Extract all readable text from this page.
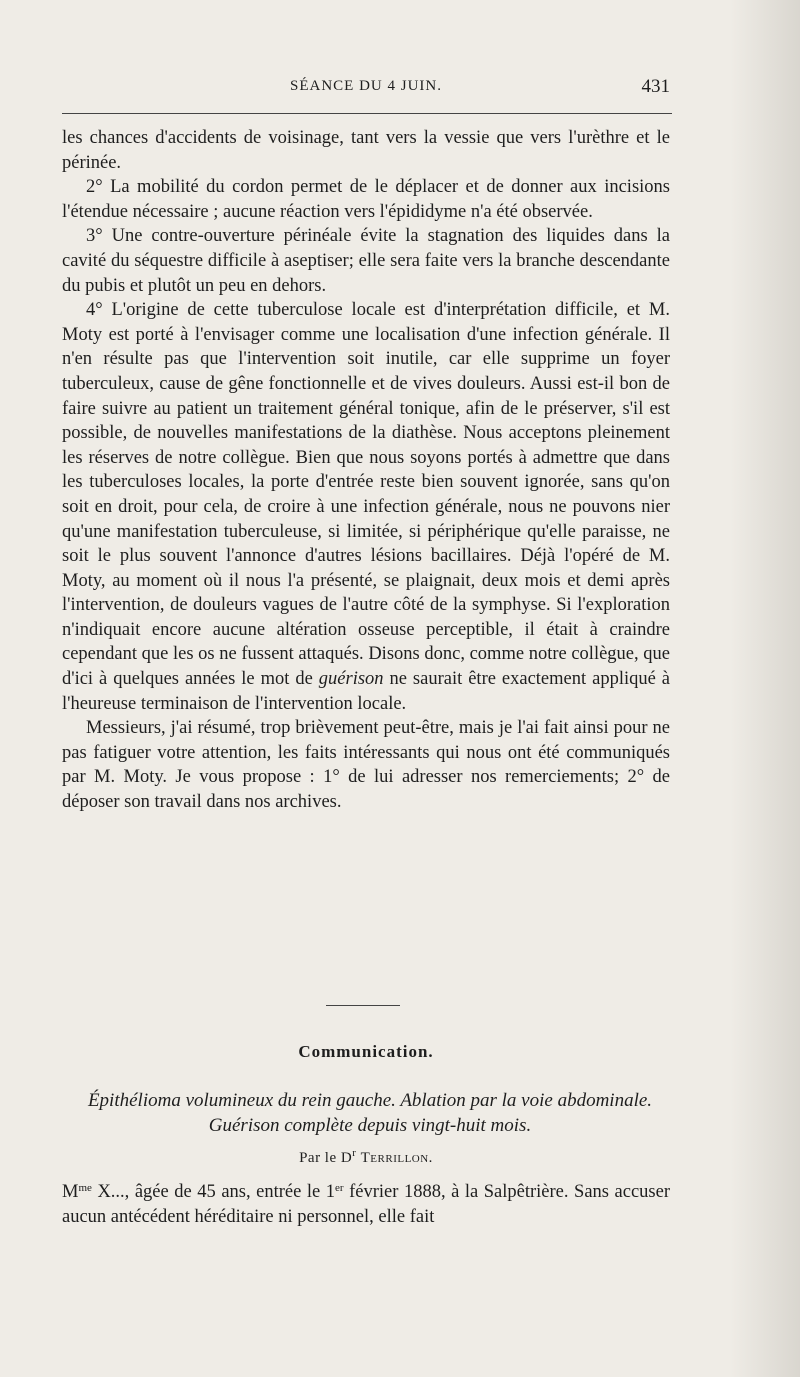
SÉANCE DU 4 JUIN.	431

les chances d'accidents de voisinage, tant vers la vessie que vers l'urèthre et le périnée.

2° La mobilité du cordon permet de le déplacer et de donner aux incisions l'étendue nécessaire ; aucune réaction vers l'épididyme n'a été observée.

3° Une contre-ouverture périnéale évite la stagnation des liquides dans la cavité du séquestre difficile à aseptiser; elle sera faite vers la branche descendante du pubis et plutôt un peu en dehors.

4° L'origine de cette tuberculose locale est d'interprétation difficile, et M. Moty est porté à l'envisager comme une localisation d'une infection générale. Il n'en résulte pas que l'intervention soit inutile, car elle supprime un foyer tuberculeux, cause de gêne fonctionnelle et de vives douleurs. Aussi est-il bon de faire suivre au patient un traitement général tonique, afin de le préserver, s'il est possible, de nouvelles manifestations de la diathèse. Nous acceptons pleinement les réserves de notre collègue. Bien que nous soyons portés à admettre que dans les tuberculoses locales, la porte d'entrée reste bien souvent ignorée, sans qu'on soit en droit, pour cela, de croire à une infection générale, nous ne pouvons nier qu'une manifestation tuberculeuse, si limitée, si périphérique qu'elle paraisse, ne soit le plus souvent l'annonce d'autres lésions bacillaires. Déjà l'opéré de M. Moty, au moment où il nous l'a présenté, se plaignait, deux mois et demi après l'intervention, de douleurs vagues de l'autre côté de la symphyse. Si l'exploration n'indiquait encore aucune altération osseuse perceptible, il était à craindre cependant que les os ne fussent attaqués. Disons donc, comme notre collègue, que d'ici à quelques années le mot de guérison ne saurait être exactement appliqué à l'heureuse terminaison de l'intervention locale.

Messieurs, j'ai résumé, trop brièvement peut-être, mais je l'ai fait ainsi pour ne pas fatiguer votre attention, les faits intéressants qui nous ont été communiqués par M. Moty. Je vous propose : 1° de lui adresser nos remerciements; 2° de déposer son travail dans nos archives.

Communication.
Épithélioma volumineux du rein gauche. Ablation par la voie abdominale. Guérison complète depuis vingt-huit mois.
Par le $D^r$ Terrillon.

$M^{me}$ X..., âgée de 45 ans, entrée le 1er février 1888, à la Salpêtrière. Sans accuser aucun antécédent héréditaire ni personnel, elle fait
